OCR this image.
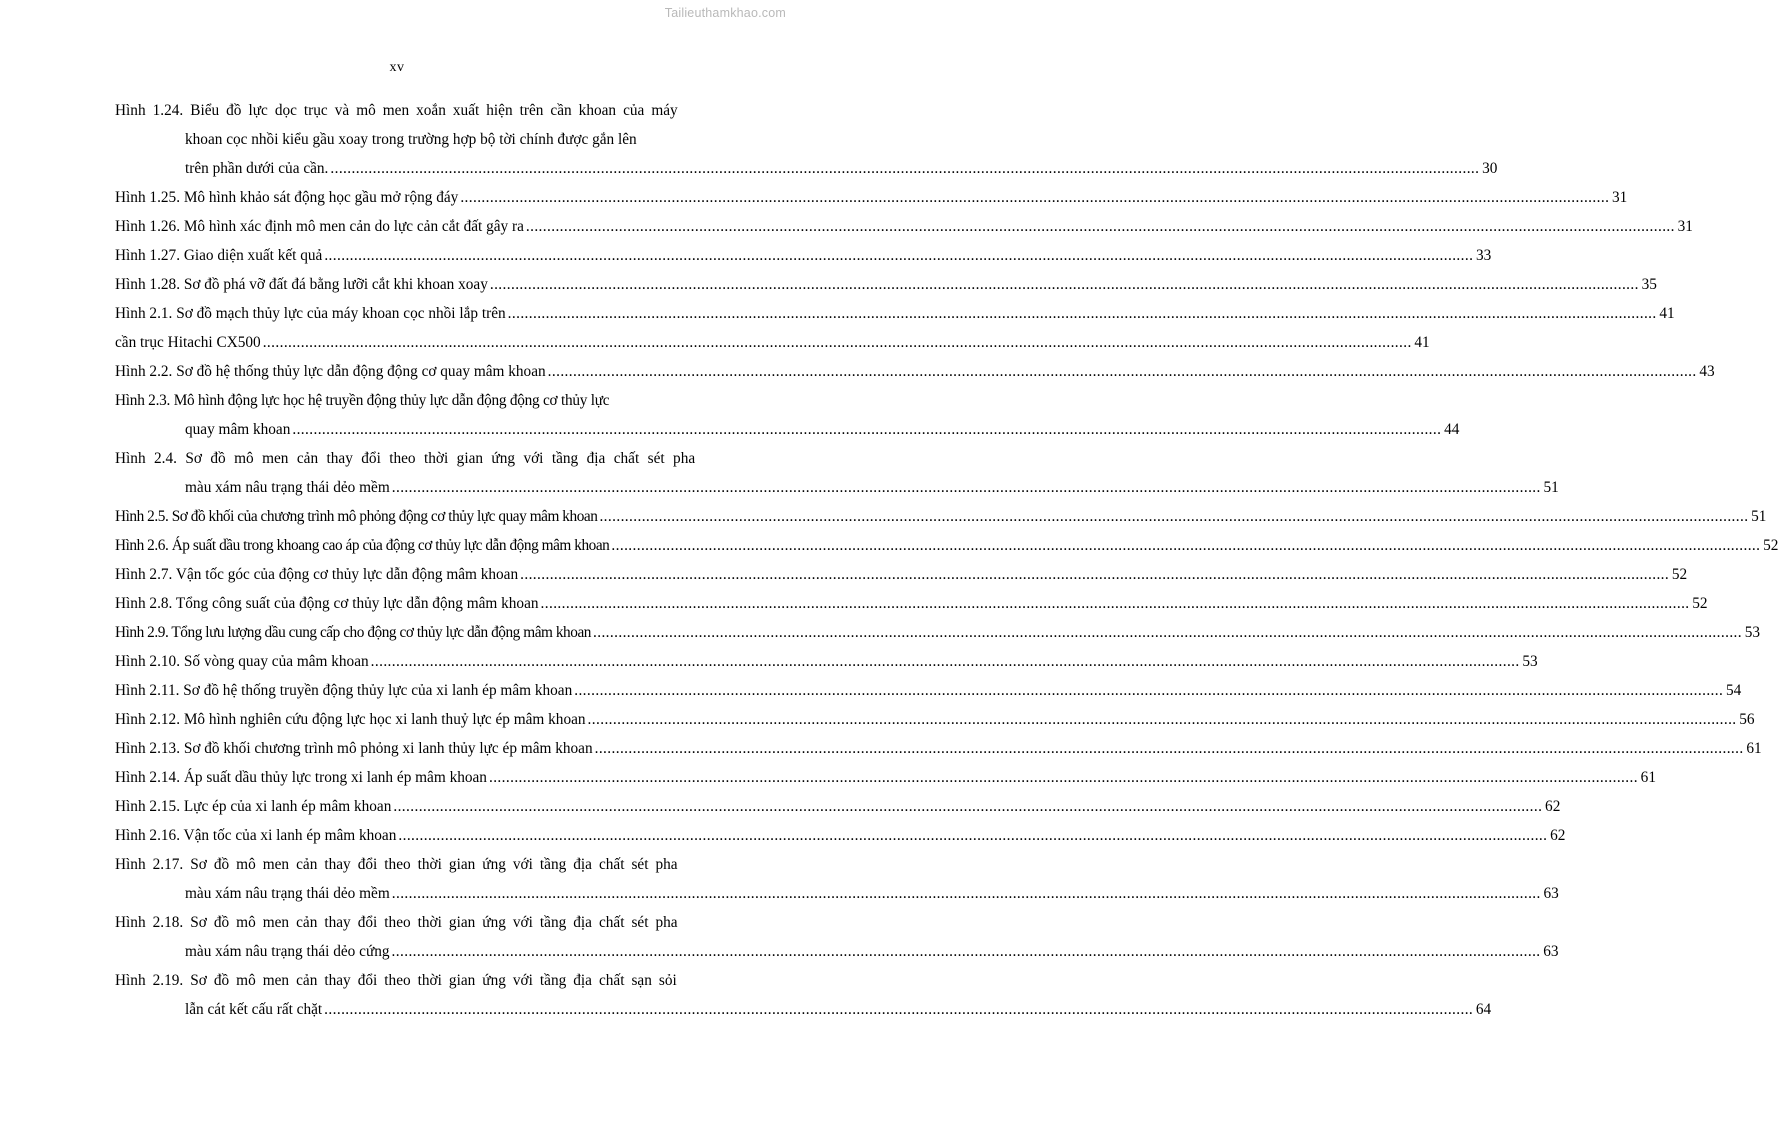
Tailieuthamkhao.com
xv
Hình 1.24. Biểu đồ lực dọc trục và mô men xoắn xuất hiện trên cần khoan của máy
khoan cọc nhồi kiểu gầu xoay trong trường hợp bộ tời chính được gắn lên
trên phần dưới của cần. .....	30
Hình 1.25. Mô hình khảo sát động học gầu mở rộng đáy .....	31
Hình 1.26. Mô hình xác định mô men cản do lực cản cắt đất gây ra .....	31
Hình 1.27. Giao diện xuất kết quả .....	33
Hình 1.28. Sơ đồ phá vỡ đất đá bằng lưỡi cắt khi khoan xoay .....	35
Hình 2.1. Sơ đồ mạch thủy lực của máy khoan cọc nhồi lắp trên .....	41
cần trục Hitachi CX500 .....	41
Hình 2.2. Sơ đồ hệ thống thủy lực dẫn động động cơ quay mâm khoan .....	43
Hình 2.3. Mô hình động lực học hệ truyền động thủy lực dẫn động động cơ thủy lực
quay mâm khoan .....	44
Hình 2.4. Sơ đồ mô men cản thay đổi theo thời gian ứng với tầng địa chất sét pha
màu xám nâu trạng thái dẻo mềm .....	51
Hình 2.5. Sơ đồ khối của chương trình mô phỏng động cơ thủy lực quay mâm khoan .....	51
Hình 2.6. Áp suất dầu trong khoang cao áp của động cơ thủy lực dẫn động mâm khoan .....	52
Hình 2.7. Vận tốc góc của động cơ thủy lực dẫn động mâm khoan .....	52
Hình 2.8. Tổng công suất của động cơ thủy lực dẫn động mâm khoan .....	52
Hình 2.9. Tổng lưu lượng dầu cung cấp cho động cơ thủy lực dẫn động mâm khoan .....	53
Hình 2.10. Số vòng quay của mâm khoan .....	53
Hình 2.11. Sơ đồ hệ thống truyền động thủy lực của xi lanh ép mâm khoan .....	54
Hình 2.12. Mô hình nghiên cứu động lực học xi lanh thuỷ lực ép mâm khoan .....	56
Hình 2.13. Sơ đồ khối chương trình mô phỏng xi lanh thủy lực ép mâm khoan .....	61
Hình 2.14. Áp suất dầu thủy lực trong xi lanh ép mâm khoan .....	61
Hình 2.15. Lực ép của xi lanh ép mâm khoan .....	62
Hình 2.16. Vận tốc của xi lanh ép mâm khoan .....	62
Hình 2.17. Sơ đồ mô men cản thay đổi theo thời gian ứng với tầng địa chất sét pha
màu xám nâu trạng thái dẻo mềm .....	63
Hình 2.18. Sơ đồ mô men cản thay đổi theo thời gian ứng với tầng địa chất sét pha
màu xám nâu trạng thái dẻo cứng .....	63
Hình 2.19. Sơ đồ mô men cản thay đổi theo thời gian ứng với tầng địa chất sạn sỏi
lẫn cát kết cấu rất chặt .....	64
